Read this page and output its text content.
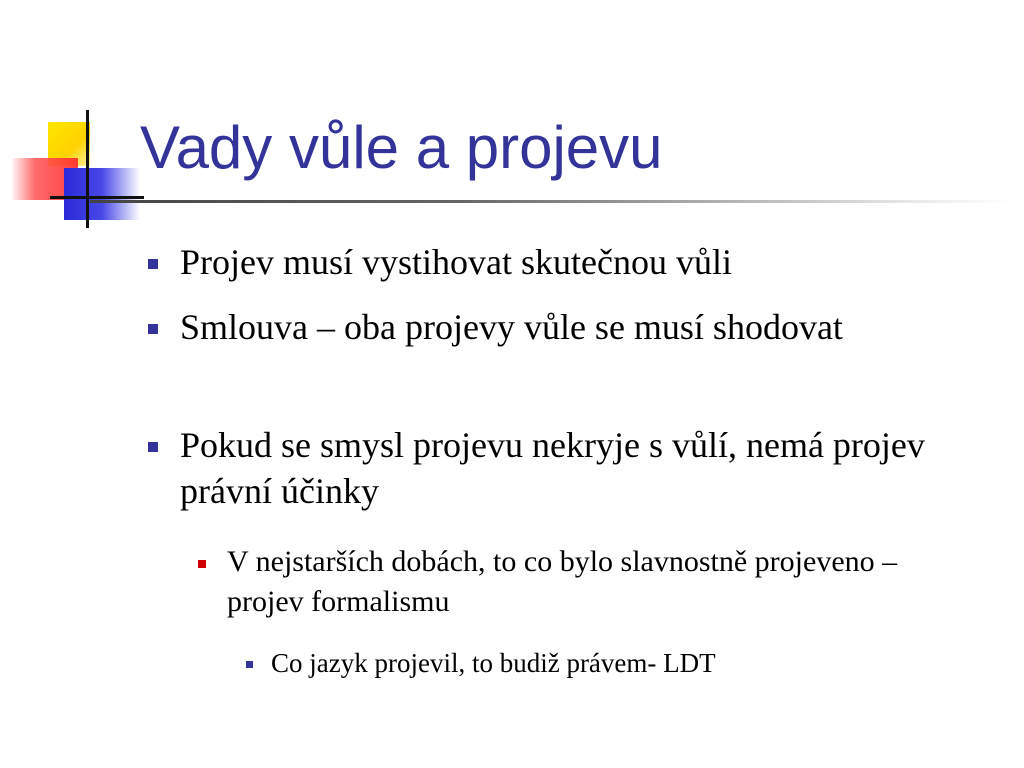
Vady vůle a projevu
Projev musí vystihovat skutečnou vůli
Smlouva – oba projevy vůle se musí shodovat
Pokud se smysl projevu nekryje s vůlí, nemá projev právní účinky
V nejstarších dobách, to co bylo slavnostně projeveno – projev formalismu
Co jazyk projevil, to budiž právem- LDT
